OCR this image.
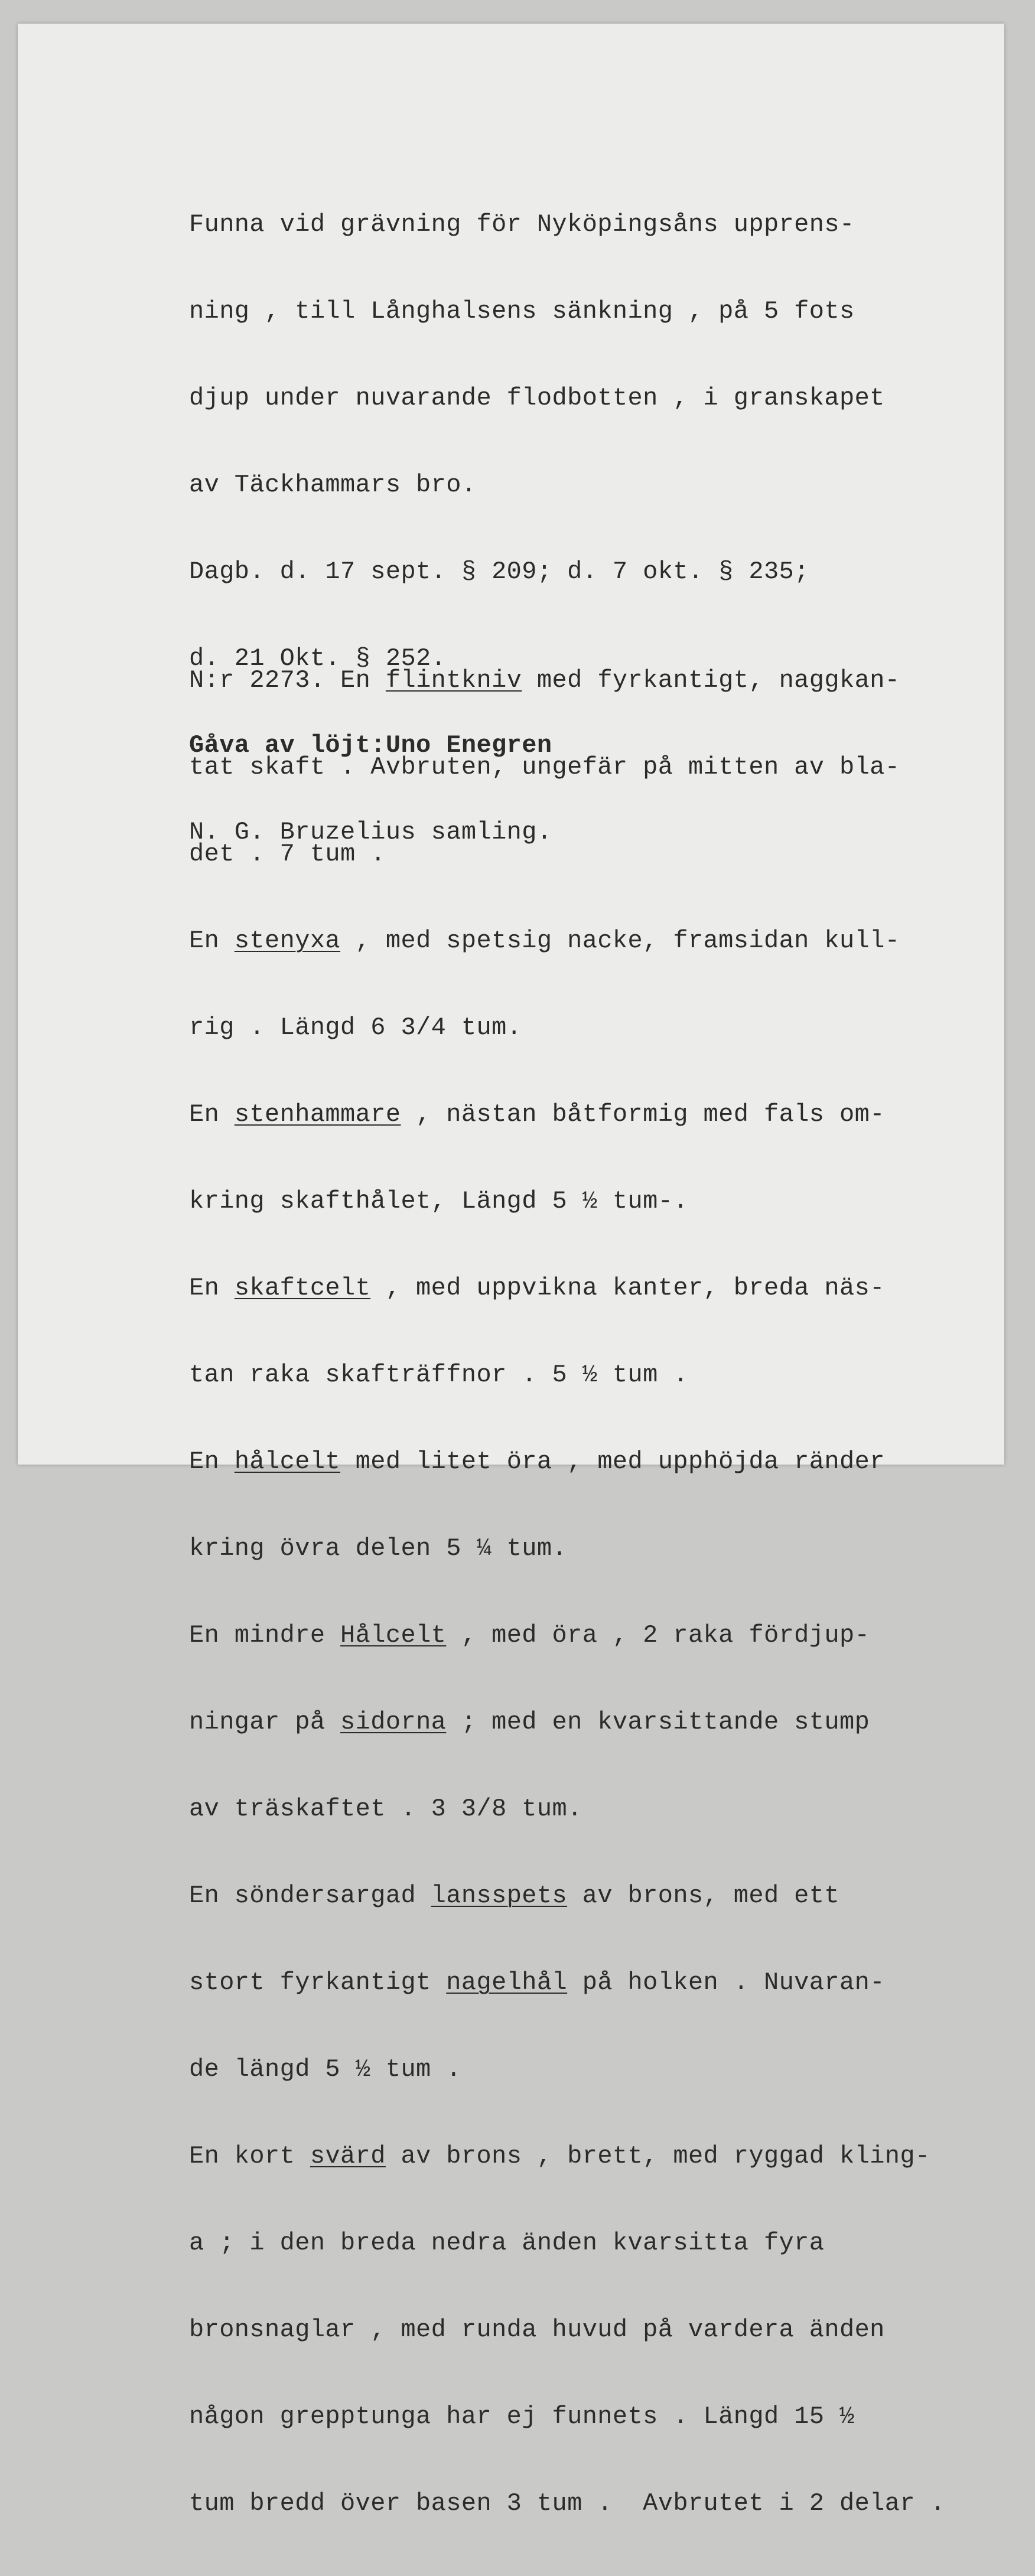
Funna vid grävning för Nyköpingsåns upprens-

ning , till Långhalsens sänkning , på 5 fots

djup under nuvarande flodbotten , i granskapet

av Täckhammars bro.

Dagb. d. 17 sept. § 209; d. 7 okt. § 235;

d. 21 Okt. § 252.

Gåva av löjt:Uno Enegren

N. G. Bruzelius samling.

N:r 2273. En flintkniv med fyrkantigt, naggkan-

tat skaft . Avbruten, ungefär på mitten av bla-

det . 7 tum .

En stenyxa , med spetsig nacke, framsidan kull-

rig . Längd 6 3/4 tum.

En stenhammare , nästan båtformig med fals om-

kring skafthålet, Längd 5 ½ tum-.

En skaftcelt , med uppvikna kanter, breda näs-

tan raka skafträffnor . 5 ½ tum .

En hålcelt med litet öra , med upphöjda ränder

kring övra delen 5 ¼ tum.

En mindre Hålcelt , med öra , 2 raka fördjup-

ningar på sidorna ; med en kvarsittande stump

av träskaftet . 3 3/8 tum.

En söndersargad lansspets av brons, med ett

stort fyrkantigt nagelhål på holken . Nuvaran-

de längd 5 ½ tum .

En kort svärd av brons , brett, med ryggad kling-

a ; i den breda nedra änden kvarsitta fyra

bronsnaglar , med runda huvud på vardera änden

någon grepptunga har ej funnets . Längd 15 ½

tum bredd över basen 3 tum .  Avbrutet i 2 delar .
